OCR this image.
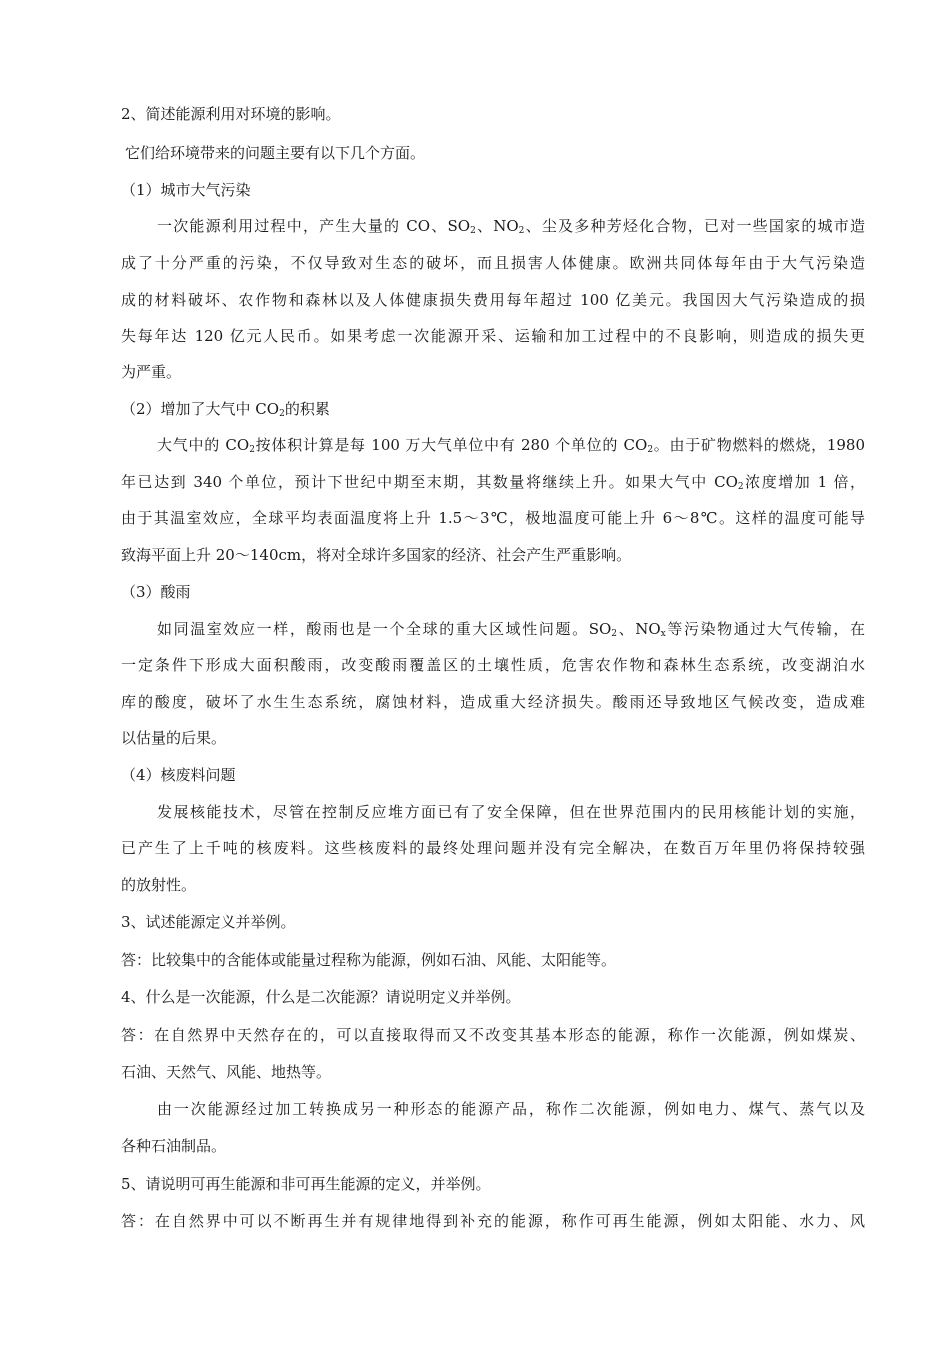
2、简述能源利用对环境的影响。
它们给环境带来的问题主要有以下几个方面。
（1）城市大气污染
一次能源利用过程中，产生大量的 CO、$SO_2$、$NO_2$、尘及多种芳烃化合物，已对一些国家的城市造
成了十分严重的污染，不仅导致对生态的破坏，而且损害人体健康。欧洲共同体每年由于大气污染造
成的材料破坏、农作物和森林以及人体健康损失费用每年超过 100 亿美元。我国因大气污染造成的损
失每年达 120 亿元人民币。如果考虑一次能源开采、运输和加工过程中的不良影响，则造成的损失更
为严重。
（2）增加了大气中 $CO_2$的积累
大气中的 $CO_2$按体积计算是每 100 万大气单位中有 280 个单位的 $CO_2$。由于矿物燃料的燃烧，1980
年已达到 340 个单位，预计下世纪中期至末期，其数量将继续上升。如果大气中 $CO_2$浓度增加 1 倍，
由于其温室效应，全球平均表面温度将上升 1.5～3℃，极地温度可能上升 6～8℃。这样的温度可能导
致海平面上升 20～140cm，将对全球许多国家的经济、社会产生严重影响。
（3）酸雨
如同温室效应一样，酸雨也是一个全球的重大区域性问题。$SO_2$、$NO_x$等污染物通过大气传输，在
一定条件下形成大面积酸雨，改变酸雨覆盖区的土壤性质，危害农作物和森林生态系统，改变湖泊水
库的酸度，破坏了水生生态系统，腐蚀材料，造成重大经济损失。酸雨还导致地区气候改变，造成难
以估量的后果。
（4）核废料问题
发展核能技术，尽管在控制反应堆方面已有了安全保障，但在世界范围内的民用核能计划的实施，
已产生了上千吨的核废料。这些核废料的最终处理问题并没有完全解决，在数百万年里仍将保持较强
的放射性。
3、试述能源定义并举例。
答：比较集中的含能体或能量过程称为能源，例如石油、风能、太阳能等。
4、什么是一次能源，什么是二次能源？请说明定义并举例。
答：在自然界中天然存在的，可以直接取得而又不改变其基本形态的能源，称作一次能源，例如煤炭、
石油、天然气、风能、地热等。
由一次能源经过加工转换成另一种形态的能源产品，称作二次能源，例如电力、煤气、蒸气以及
各种石油制品。
5、请说明可再生能源和非可再生能源的定义，并举例。
答：在自然界中可以不断再生并有规律地得到补充的能源，称作可再生能源，例如太阳能、水力、风
